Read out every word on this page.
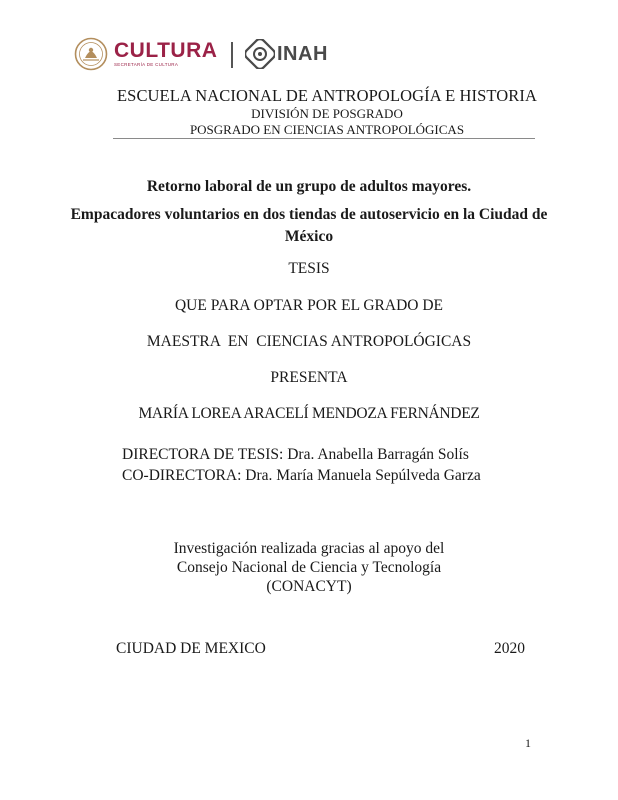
CULTURA
SECRETARÍA DE CULTURA
INAH
ESCUELA NACIONAL DE ANTROPOLOGÍA E HISTORIA
DIVISIÓN DE POSGRADO
POSGRADO EN CIENCIAS ANTROPOLÓGICAS
Retorno laboral de un grupo de adultos mayores.
Empacadores voluntarios en dos tiendas de autoservicio en la Ciudad de México
TESIS
QUE PARA OPTAR POR EL GRADO DE
MAESTRA  EN  CIENCIAS ANTROPOLÓGICAS
PRESENTA
MARÍA LOREA ARACELÍ MENDOZA FERNÁNDEZ
DIRECTORA DE TESIS: Dra. Anabella Barragán Solís
CO-DIRECTORA: Dra. María Manuela Sepúlveda Garza
Investigación realizada gracias al apoyo del
Consejo Nacional de Ciencia y Tecnología
(CONACYT)
CIUDAD DE MEXICO	2020
1
